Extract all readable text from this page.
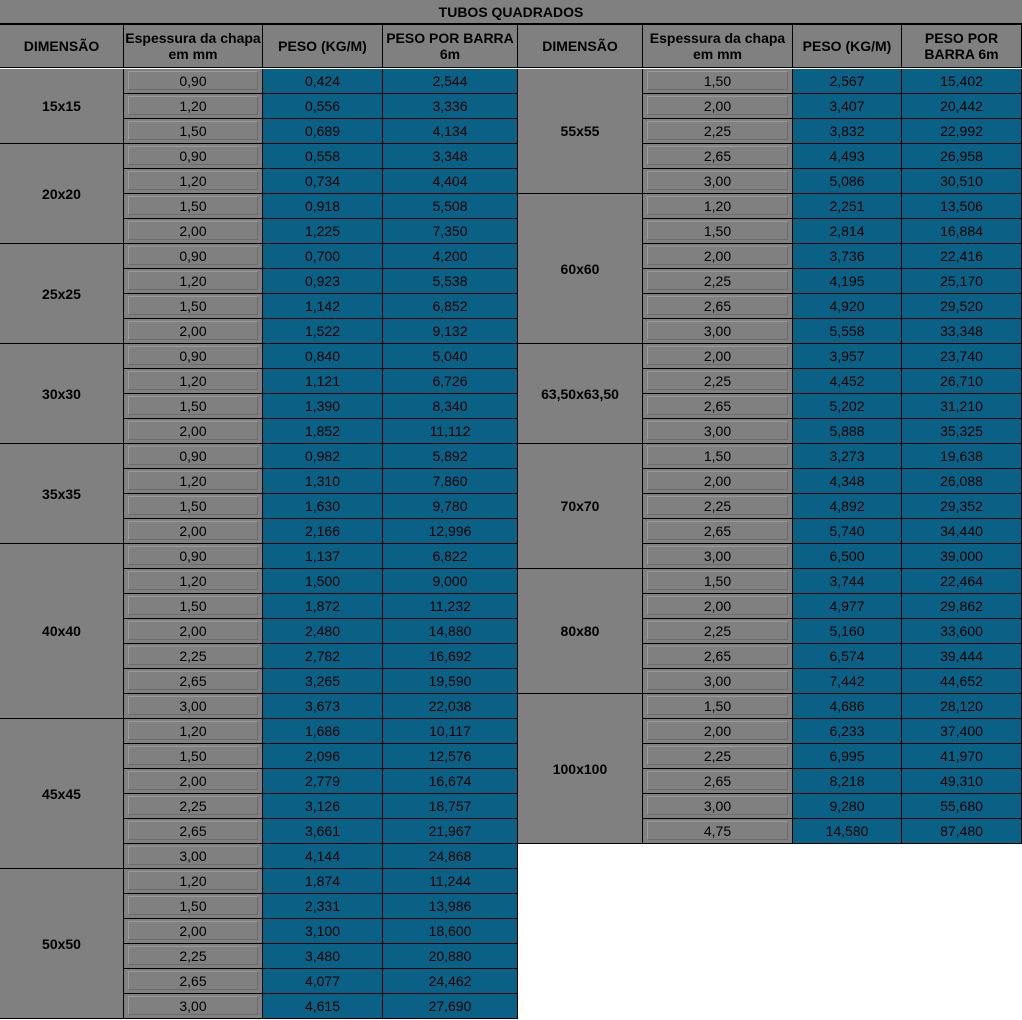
TUBOS QUADRADOS
DIMENSÃO	Espessura da chapa em mm	PESO (KG/M)	PESO POR BARRA 6m
15x15
0,90	0,424	2,544
1,20	0,556	3,336
1,50	0,689	4,134
20x20
0,90	0,558	3,348
1,20	0,734	4,404
1,50	0,918	5,508
2,00	1,225	7,350
25x25
0,90	0,700	4,200
1,20	0,923	5,538
1,50	1,142	6,852
2,00	1,522	9,132
30x30
0,90	0,840	5,040
1,20	1,121	6,726
1,50	1,390	8,340
2,00	1,852	11,112
35x35
0,90	0,982	5,892
1,20	1,310	7,860
1,50	1,630	9,780
2,00	2,166	12,996
40x40
0,90	1,137	6,822
1,20	1,500	9,000
1,50	1,872	11,232
2,00	2,480	14,880
2,25	2,782	16,692
2,65	3,265	19,590
3,00	3,673	22,038
45x45
1,20	1,686	10,117
1,50	2,096	12,576
2,00	2,779	16,674
2,25	3,126	18,757
2,65	3,661	21,967
3,00	4,144	24,868
50x50
1,20	1,874	11,244
1,50	2,331	13,986
2,00	3,100	18,600
2,25	3,480	20,880
2,65	4,077	24,462
3,00	4,615	27,690
DIMENSÃO	Espessura da chapa em mm	PESO (KG/M)	PESO POR BARRA 6m
55x55
1,50	2,567	15,402
2,00	3,407	20,442
2,25	3,832	22,992
2,65	4,493	26,958
3,00	5,086	30,510
60x60
1,20	2,251	13,506
1,50	2,814	16,884
2,00	3,736	22,416
2,25	4,195	25,170
2,65	4,920	29,520
3,00	5,558	33,348
63,50x63,50
2,00	3,957	23,740
2,25	4,452	26,710
2,65	5,202	31,210
3,00	5,888	35,325
70x70
1,50	3,273	19,638
2,00	4,348	26,088
2,25	4,892	29,352
2,65	5,740	34,440
3,00	6,500	39,000
80x80
1,50	3,744	22,464
2,00	4,977	29,862
2,25	5,160	33,600
2,65	6,574	39,444
3,00	7,442	44,652
100x100
1,50	4,686	28,120
2,00	6,233	37,400
2,25	6,995	41,970
2,65	8,218	49,310
3,00	9,280	55,680
4,75	14,580	87,480
